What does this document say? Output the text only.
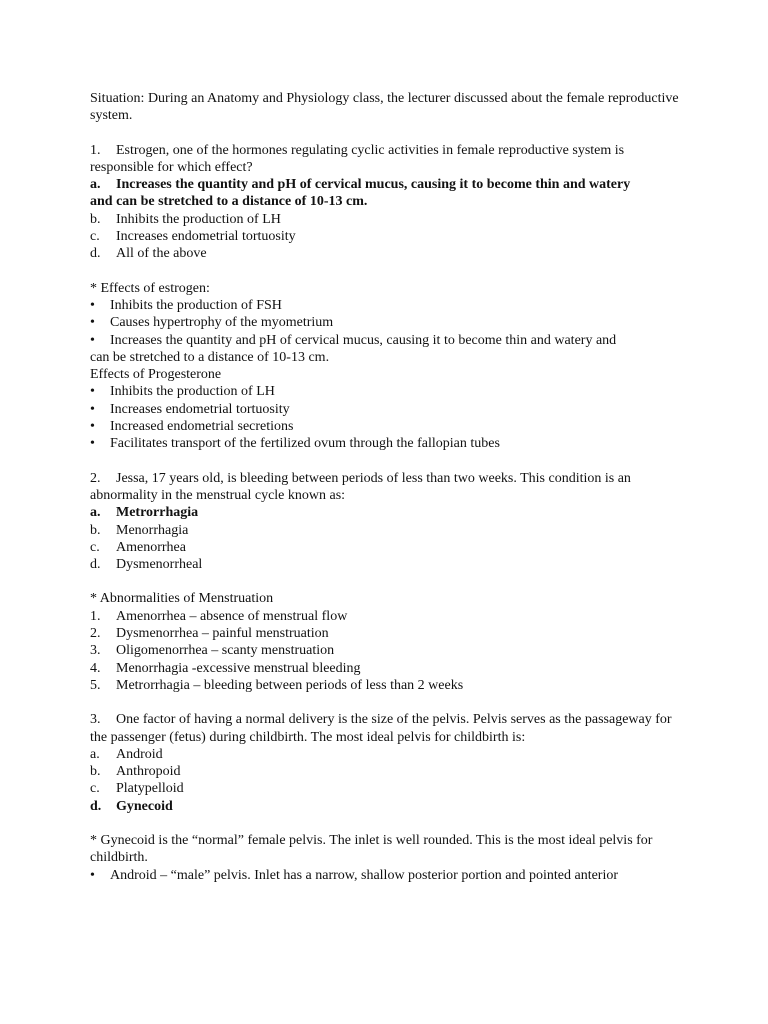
Situation: During an Anatomy and Physiology class, the lecturer discussed about the female reproductive system.

1. Estrogen, one of the hormones regulating cyclic activities in female reproductive system is responsible for which effect?

a. Increases the quantity and pH of cervical mucus, causing it to become thin and watery
and can be stretched to a distance of 10-13 cm.
b.	Inhibits the production of LH
c.	Increases endometrial tortuosity
d.	All of the above

* Effects of estrogen:

•	Inhibits the production of FSH
•	Causes hypertrophy of the myometrium
• Increases the quantity and pH of cervical mucus, causing it to become thin and watery and
can be stretched to a distance of 10-13 cm.

Effects of Progesterone

•	Inhibits the production of LH
•	Increases endometrial tortuosity
•	Increased endometrial secretions
•	Facilitates transport of the fertilized ovum through the fallopian tubes

2. Jessa, 17 years old, is bleeding between periods of less than two weeks. This condition is an abnormality in the menstrual cycle known as:

a.	Metrorrhagia
b.	Menorrhagia
c.	Amenorrhea
d.	Dysmenorrheal

* Abnormalities of Menstruation

1.	Amenorrhea – absence of menstrual flow
2.	Dysmenorrhea – painful menstruation
3.	Oligomenorrhea – scanty menstruation
4.	Menorrhagia -excessive menstrual bleeding
5.	Metrorrhagia – bleeding between periods of less than 2 weeks

3. One factor of having a normal delivery is the size of the pelvis. Pelvis serves as the passageway for the passenger (fetus) during childbirth. The most ideal pelvis for childbirth is:

a.	Android
b.	Anthropoid
c.	Platypelloid
d.	Gynecoid

* Gynecoid is the “normal” female pelvis. The inlet is well rounded. This is the most ideal pelvis for childbirth.

•	Android – “male” pelvis. Inlet has a narrow, shallow posterior portion and pointed anterior
